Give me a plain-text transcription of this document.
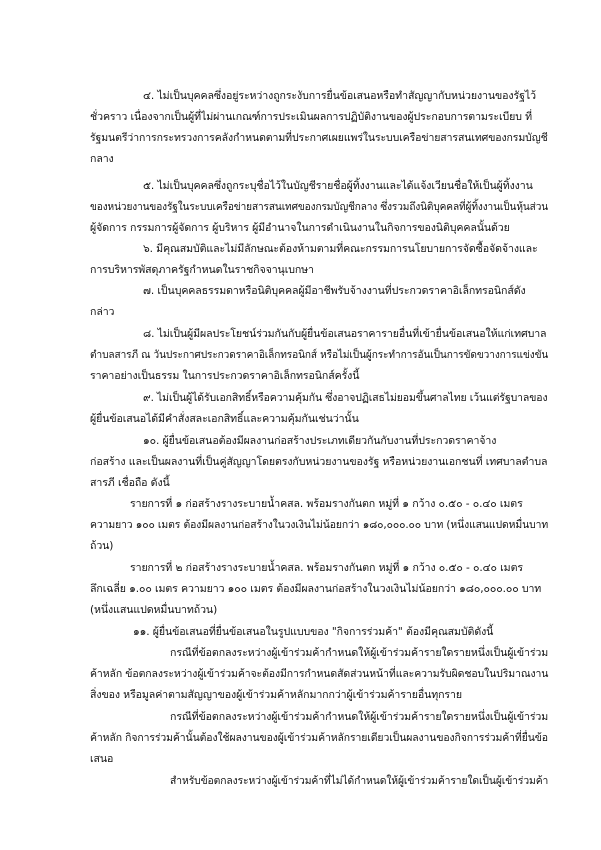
๔. ไม่เป็นบุคคลซึ่งอยู่ระหว่างถูกระงับการยื่นข้อเสนอหรือทำสัญญากับหน่วยงานของรัฐไว้
ชั่วคราว เนื่องจากเป็นผู้ที่ไม่ผ่านเกณฑ์การประเมินผลการปฏิบัติงานของผู้ประกอบการตามระเบียบ ที่
รัฐมนตรีว่าการกระทรวงการคลังกำหนดตามที่ประกาศเผยแพร่ในระบบเครือข่ายสารสนเทศของกรมบัญชี
กลาง
๕. ไม่เป็นบุคคลซึ่งถูกระบุชื่อไว้ในบัญชีรายชื่อผู้ทิ้งงานและได้แจ้งเวียนชื่อให้เป็นผู้ทิ้งงาน
ของหน่วยงานของรัฐในระบบเครือข่ายสารสนเทศของกรมบัญชีกลาง ซึ่งรวมถึงนิติบุคคลที่ผู้ทิ้งงานเป็นหุ้นส่วน
ผู้จัดการ กรรมการผู้จัดการ ผู้บริหาร ผู้มีอำนาจในการดำเนินงานในกิจการของนิติบุคคลนั้นด้วย
๖. มีคุณสมบัติและไม่มีลักษณะต้องห้ามตามที่คณะกรรมการนโยบายการจัดซื้อจัดจ้างและ
การบริหารพัสดุภาครัฐกำหนดในราชกิจจานุเบกษา
๗. เป็นบุคคลธรรมดาหรือนิติบุคคลผู้มีอาชีพรับจ้างงานที่ประกวดราคาอิเล็กทรอนิกส์ดัง
กล่าว
๘. ไม่เป็นผู้มีผลประโยชน์ร่วมกันกับผู้ยื่นข้อเสนอราคารายอื่นที่เข้ายื่นข้อเสนอให้แก่เทศบาล
ตำบลสารภี ณ วันประกาศประกวดราคาอิเล็กทรอนิกส์ หรือไม่เป็นผู้กระทำการอันเป็นการขัดขวางการแข่งขัน
ราคาอย่างเป็นธรรม ในการประกวดราคาอิเล็กทรอนิกส์ครั้งนี้
๙. ไม่เป็นผู้ได้รับเอกสิทธิ์หรือความคุ้มกัน ซึ่งอาจปฏิเสธไม่ยอมขึ้นศาลไทย เว้นแต่รัฐบาลของ
ผู้ยื่นข้อเสนอได้มีคำสั่งสละเอกสิทธิ์และความคุ้มกันเช่นว่านั้น
๑๐. ผู้ยื่นข้อเสนอต้องมีผลงานก่อสร้างประเภทเดียวกันกับงานที่ประกวดราคาจ้าง
ก่อสร้าง และเป็นผลงานที่เป็นคู่สัญญาโดยตรงกับหน่วยงานของรัฐ หรือหน่วยงานเอกชนที่ เทศบาลตำบล
สารภี เชื่อถือ ดังนี้
รายการที่ ๑ ก่อสร้างรางระบายน้ำคสล. พร้อมรางกันตก หมู่ที่ ๑ กว้าง ๐.๕๐ - ๐.๔๐ เมตร
ความยาว ๑๐๐ เมตร ต้องมีผลงานก่อสร้างในวงเงินไม่น้อยกว่า ๑๘๐,๐๐๐.๐๐ บาท (หนึ่งแสนแปดหมื่นบาท
ถ้วน)
รายการที่ ๒ ก่อสร้างรางระบายน้ำคสล. พร้อมรางกันตก หมู่ที่ ๑ กว้าง ๐.๕๐ - ๐.๔๐ เมตร
ลึกเฉลี่ย ๑.๐๐ เมตร ความยาว ๑๐๐ เมตร ต้องมีผลงานก่อสร้างในวงเงินไม่น้อยกว่า ๑๘๐,๐๐๐.๐๐ บาท
(หนึ่งแสนแปดหมื่นบาทถ้วน)
๑๑. ผู้ยื่นข้อเสนอที่ยื่นข้อเสนอในรูปแบบของ "กิจการร่วมค้า" ต้องมีคุณสมบัติดังนี้
กรณีที่ข้อตกลงระหว่างผู้เข้าร่วมค้ากำหนดให้ผู้เข้าร่วมค้ารายใดรายหนึ่งเป็นผู้เข้าร่วม
ค้าหลัก ข้อตกลงระหว่างผู้เข้าร่วมค้าจะต้องมีการกำหนดสัดส่วนหน้าที่และความรับผิดชอบในปริมาณงาน
สิ่งของ หรือมูลค่าตามสัญญาของผู้เข้าร่วมค้าหลักมากกว่าผู้เข้าร่วมค้ารายอื่นทุกราย
กรณีที่ข้อตกลงระหว่างผู้เข้าร่วมค้ากำหนดให้ผู้เข้าร่วมค้ารายใดรายหนึ่งเป็นผู้เข้าร่วม
ค้าหลัก กิจการร่วมค้านั้นต้องใช้ผลงานของผู้เข้าร่วมค้าหลักรายเดียวเป็นผลงานของกิจการร่วมค้าที่ยื่นข้อ
เสนอ
สำหรับข้อตกลงระหว่างผู้เข้าร่วมค้าที่ไม่ได้กำหนดให้ผู้เข้าร่วมค้ารายใดเป็นผู้เข้าร่วมค้า
